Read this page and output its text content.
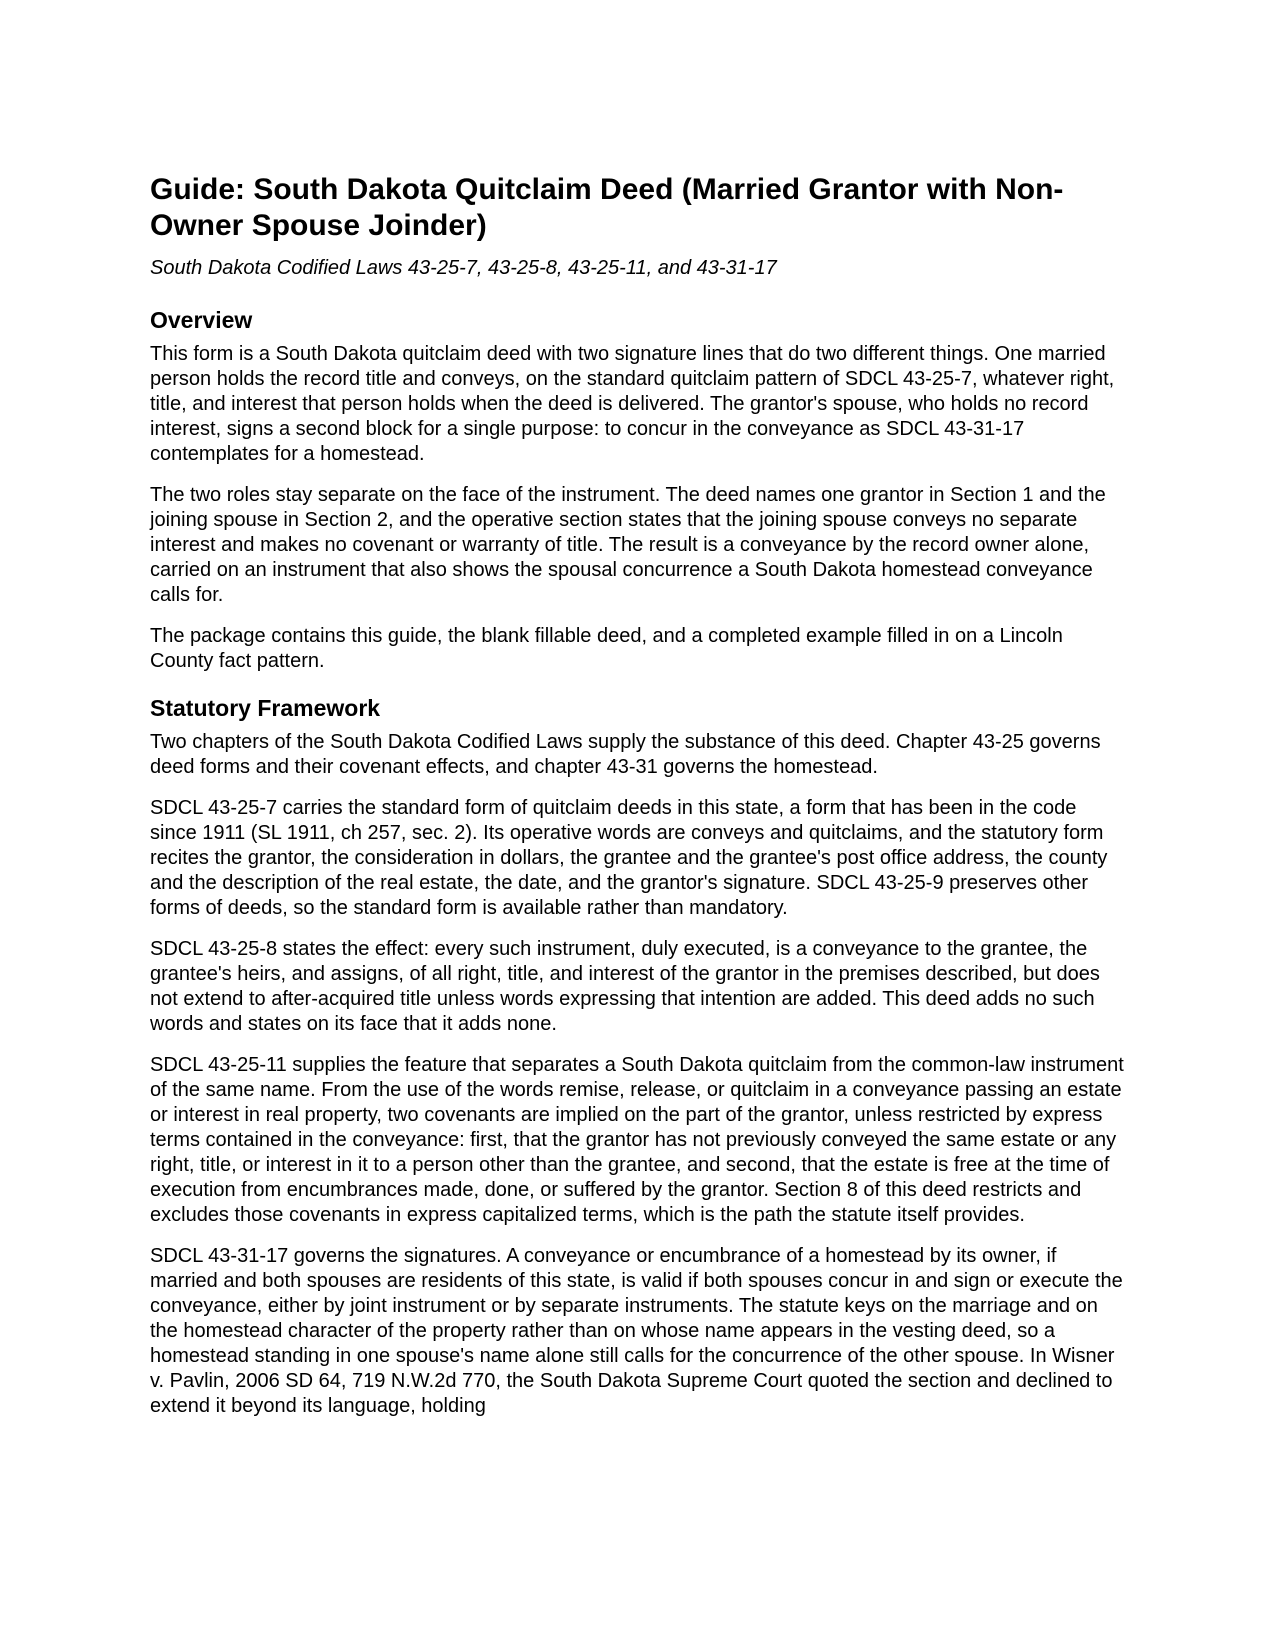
Guide: South Dakota Quitclaim Deed (Married Grantor with Non-Owner Spouse Joinder)

South Dakota Codified Laws 43-25-7, 43-25-8, 43-25-11, and 43-31-17

Overview

This form is a South Dakota quitclaim deed with two signature lines that do two different things. One married person holds the record title and conveys, on the standard quitclaim pattern of SDCL 43-25-7, whatever right, title, and interest that person holds when the deed is delivered. The grantor's spouse, who holds no record interest, signs a second block for a single purpose: to concur in the conveyance as SDCL 43-31-17 contemplates for a homestead.

The two roles stay separate on the face of the instrument. The deed names one grantor in Section 1 and the joining spouse in Section 2, and the operative section states that the joining spouse conveys no separate interest and makes no covenant or warranty of title. The result is a conveyance by the record owner alone, carried on an instrument that also shows the spousal concurrence a South Dakota homestead conveyance calls for.

The package contains this guide, the blank fillable deed, and a completed example filled in on a Lincoln County fact pattern.

Statutory Framework

Two chapters of the South Dakota Codified Laws supply the substance of this deed. Chapter 43-25 governs deed forms and their covenant effects, and chapter 43-31 governs the homestead.

SDCL 43-25-7 carries the standard form of quitclaim deeds in this state, a form that has been in the code since 1911 (SL 1911, ch 257, sec. 2). Its operative words are conveys and quitclaims, and the statutory form recites the grantor, the consideration in dollars, the grantee and the grantee's post office address, the county and the description of the real estate, the date, and the grantor's signature. SDCL 43-25-9 preserves other forms of deeds, so the standard form is available rather than mandatory.

SDCL 43-25-8 states the effect: every such instrument, duly executed, is a conveyance to the grantee, the grantee's heirs, and assigns, of all right, title, and interest of the grantor in the premises described, but does not extend to after-acquired title unless words expressing that intention are added. This deed adds no such words and states on its face that it adds none.

SDCL 43-25-11 supplies the feature that separates a South Dakota quitclaim from the common-law instrument of the same name. From the use of the words remise, release, or quitclaim in a conveyance passing an estate or interest in real property, two covenants are implied on the part of the grantor, unless restricted by express terms contained in the conveyance: first, that the grantor has not previously conveyed the same estate or any right, title, or interest in it to a person other than the grantee, and second, that the estate is free at the time of execution from encumbrances made, done, or suffered by the grantor. Section 8 of this deed restricts and excludes those covenants in express capitalized terms, which is the path the statute itself provides.

SDCL 43-31-17 governs the signatures. A conveyance or encumbrance of a homestead by its owner, if married and both spouses are residents of this state, is valid if both spouses concur in and sign or execute the conveyance, either by joint instrument or by separate instruments. The statute keys on the marriage and on the homestead character of the property rather than on whose name appears in the vesting deed, so a homestead standing in one spouse's name alone still calls for the concurrence of the other spouse. In Wisner v. Pavlin, 2006 SD 64, 719 N.W.2d 770, the South Dakota Supreme Court quoted the section and declined to extend it beyond its language, holding
